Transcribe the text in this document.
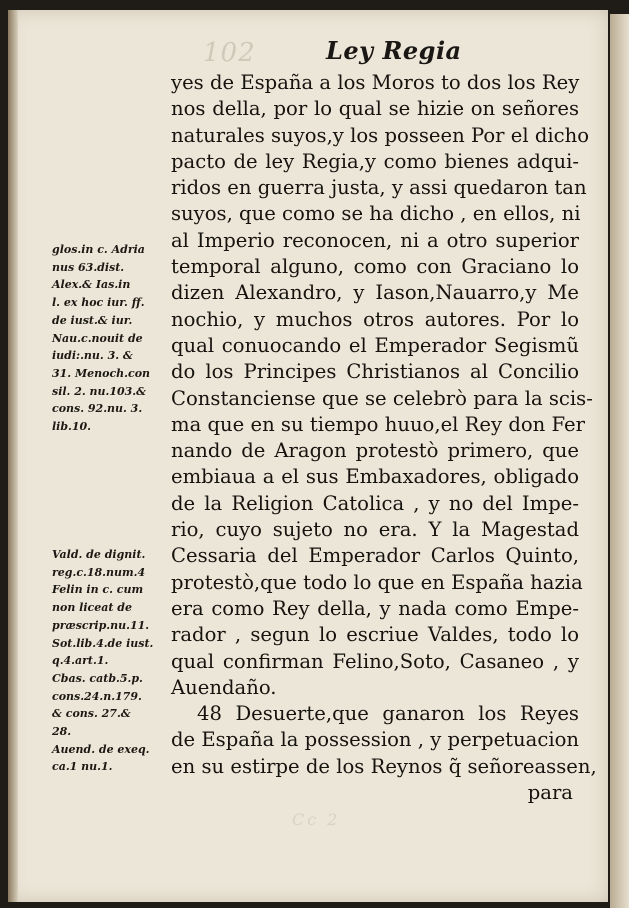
102
Cc 2
Ley Regia
yes de España a los Moros to dos los Rey
nos della, por lo qual se hizie on señores
naturales suyos,y los posseen Por el dicho
pacto de ley Regia,y como bienes adqui-
ridos en guerra justa, y assi quedaron tan
suyos, que como se ha dicho , en ellos, ni
al Imperio reconocen, ni a otro superior
temporal alguno, como con Graciano lo
dizen Alexandro, y Iason,Nauarro,y Me
nochio, y muchos otros autores. Por lo
qual conuocando el Emperador Segismũ
do los Principes Christianos al Concilio
Constanciense que se celebrò para la scis-
ma que en su tiempo huuo,el Rey don Fer
nando de Aragon protestò primero, que
embiaua a el sus Embaxadores, obligado
de la Religion Catolica , y no del Impe-
rio, cuyo sujeto no era. Y la Magestad
Cessaria del Emperador Carlos Quinto,
protestò,que todo lo que en España hazia
era como Rey della, y nada como Empe-
rador , segun lo escriue Valdes, todo lo
qual confirman Felino,Soto, Casaneo , y
Auendaño.
48 Desuerte,que ganaron los Reyes
de España la possession , y perpetuacion
en su estirpe de los Reynos q̃ señoreassen,
para
glos.in c. Adria
nus 63.dist.
Alex.& Ias.in
l. ex hoc iur. ff.
de iust.& iur.
Nau.c.nouit de
iudi:.nu. 3. &
31. Menoch.con
sil. 2. nu.103.&
cons. 92.nu. 3.
lib.10.
Vald. de dignit.
reg.c.18.num.4
Felin in c. cum
non liceat de
præscrip.nu.11.
Sot.lib.4.de iust.
q.4.art.1.
Cbas. catb.5.p.
cons.24.n.179.
& cons. 27.&
28.
Auend. de exeq.
ca.1 nu.1.
